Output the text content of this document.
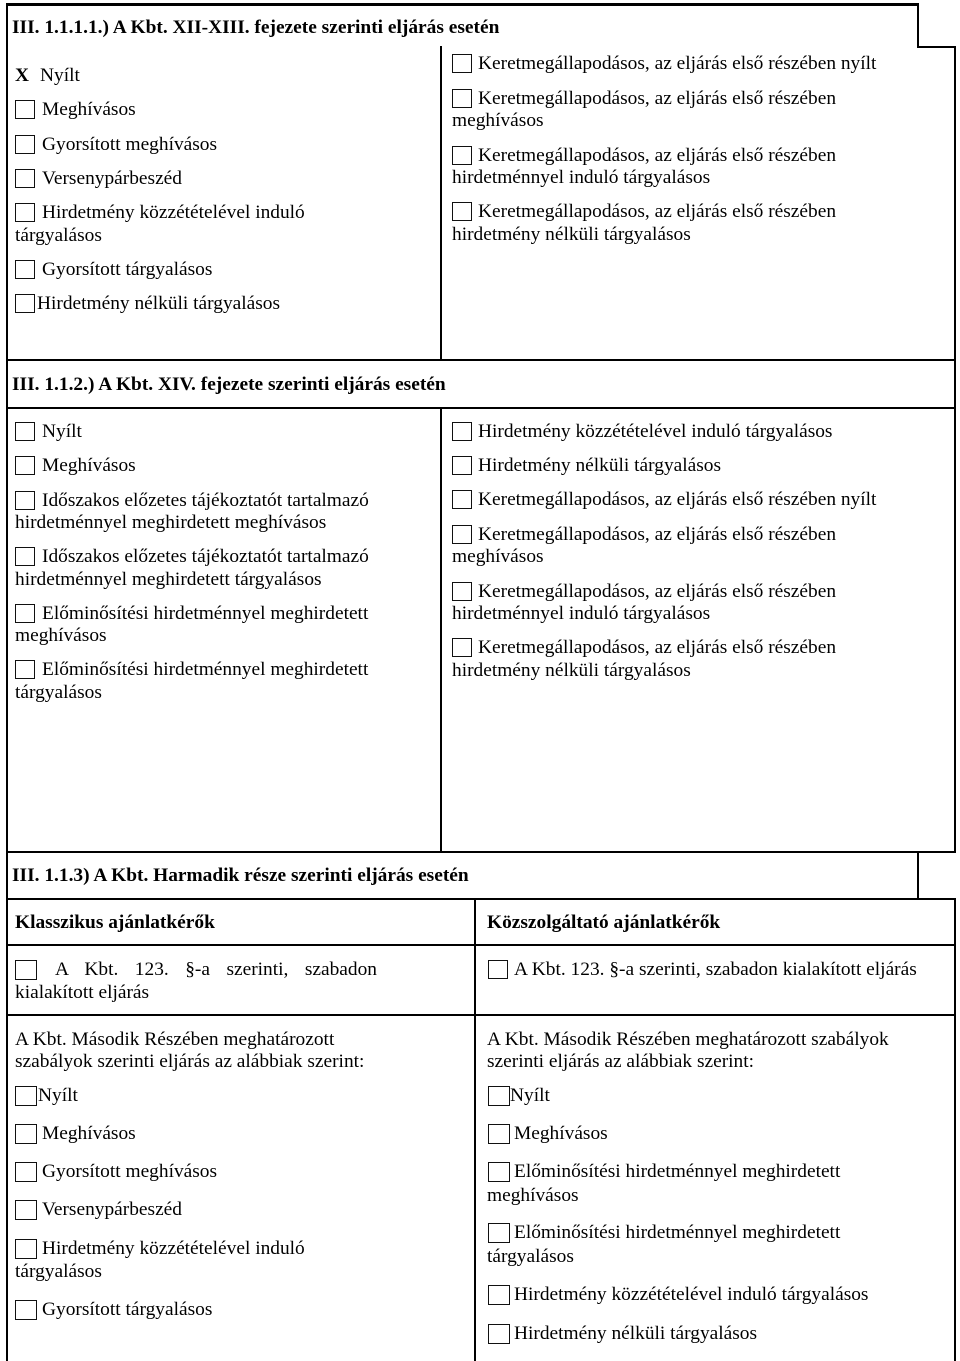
III. 1.1.1.1.) A Kbt. XII-XIII. fejezete szerinti eljárás esetén
X Nyílt
Meghívásos
Gyorsított meghívásos
Versenypárbeszéd
Hirdetmény közzétételével induló
tárgyalásos
Gyorsított tárgyalásos
Hirdetmény nélküli tárgyalásos
Keretmegállapodásos, az eljárás első részében nyílt
Keretmegállapodásos, az eljárás első részében
meghívásos
Keretmegállapodásos, az eljárás első részében
hirdetménnyel induló tárgyalásos
Keretmegállapodásos, az eljárás első részében
hirdetmény nélküli tárgyalásos
III. 1.1.2.) A Kbt. XIV. fejezete szerinti eljárás esetén
Nyílt
Meghívásos
Időszakos előzetes tájékoztatót tartalmazó
hirdetménnyel meghirdetett meghívásos
Időszakos előzetes tájékoztatót tartalmazó
hirdetménnyel meghirdetett tárgyalásos
Előminősítési hirdetménnyel meghirdetett
meghívásos
Előminősítési hirdetménnyel meghirdetett
tárgyalásos
Hirdetmény közzétételével induló tárgyalásos
Hirdetmény nélküli tárgyalásos
Keretmegállapodásos, az eljárás első részében nyílt
Keretmegállapodásos, az eljárás első részében
meghívásos
Keretmegállapodásos, az eljárás első részében
hirdetménnyel induló tárgyalásos
Keretmegállapodásos, az eljárás első részében
hirdetmény nélküli tárgyalásos
III. 1.1.3) A Kbt. Harmadik része szerinti eljárás esetén
Klasszikus ajánlatkérők	Közszolgáltató ajánlatkérők
A Kbt. 123. §-a szerinti, szabadon
kialakított eljárás
A Kbt. 123. §-a szerinti, szabadon kialakított eljárás
A Kbt. Második Részében meghatározott
szabályok szerinti eljárás az alábbiak szerint:
A Kbt. Második Részében meghatározott szabályok
szerinti eljárás az alábbiak szerint:
Nyílt
Meghívásos
Gyorsított meghívásos
Versenypárbeszéd
Hirdetmény közzétételével induló
tárgyalásos
Gyorsított tárgyalásos
Nyílt
Meghívásos
Előminősítési hirdetménnyel meghirdetett
meghívásos
Előminősítési hirdetménnyel meghirdetett
tárgyalásos
Hirdetmény közzétételével induló tárgyalásos
Hirdetmény nélküli tárgyalásos
